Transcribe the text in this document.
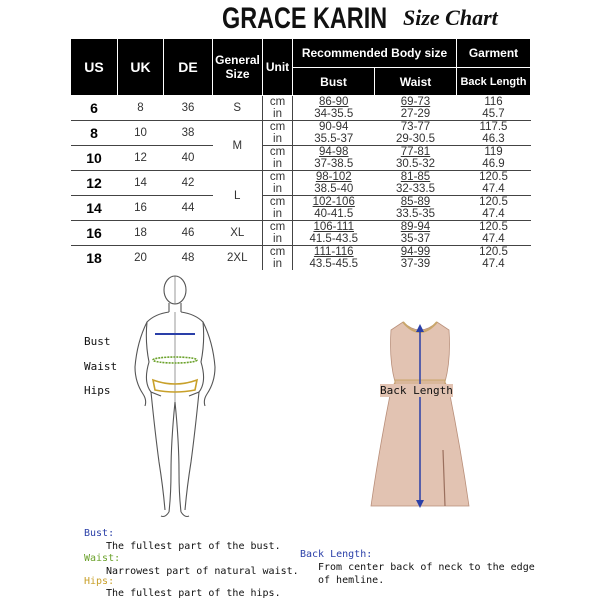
GRACE KARIN Size Chart
US	UK	DE	General Size	Unit	Recommended Body size		Garment
					Bust	Waist	Back Length
6	8	36	S	cm	86-90	69-73	116
				in	34-35.5	27-29	45.7
8	10	38	M	cm	90-94	73-77	117.5
				in	35.5-37	29-30.5	46.3
10	12	40		cm	94-98	77-81	119
				in	37-38.5	30.5-32	46.9
12	14	42	L	cm	98-102	81-85	120.5
				in	38.5-40	32-33.5	47.4
14	16	44		cm	102-106	85-89	120.5
				in	40-41.5	33.5-35	47.4
16	18	46	XL	cm	106-111	89-94	120.5
				in	41.5-43.5	35-37	47.4
18	20	48	2XL	cm	111-116	94-99	120.5
				in	43.5-45.5	37-39	47.4
Bust
Waist
Hips	Back Length
Bust:
The fullest part of the bust.
Waist:
Narrowest part of natural waist.
Hips:
The fullest part of the hips.
Back Length:
From center back of neck to the edge
of hemline.
